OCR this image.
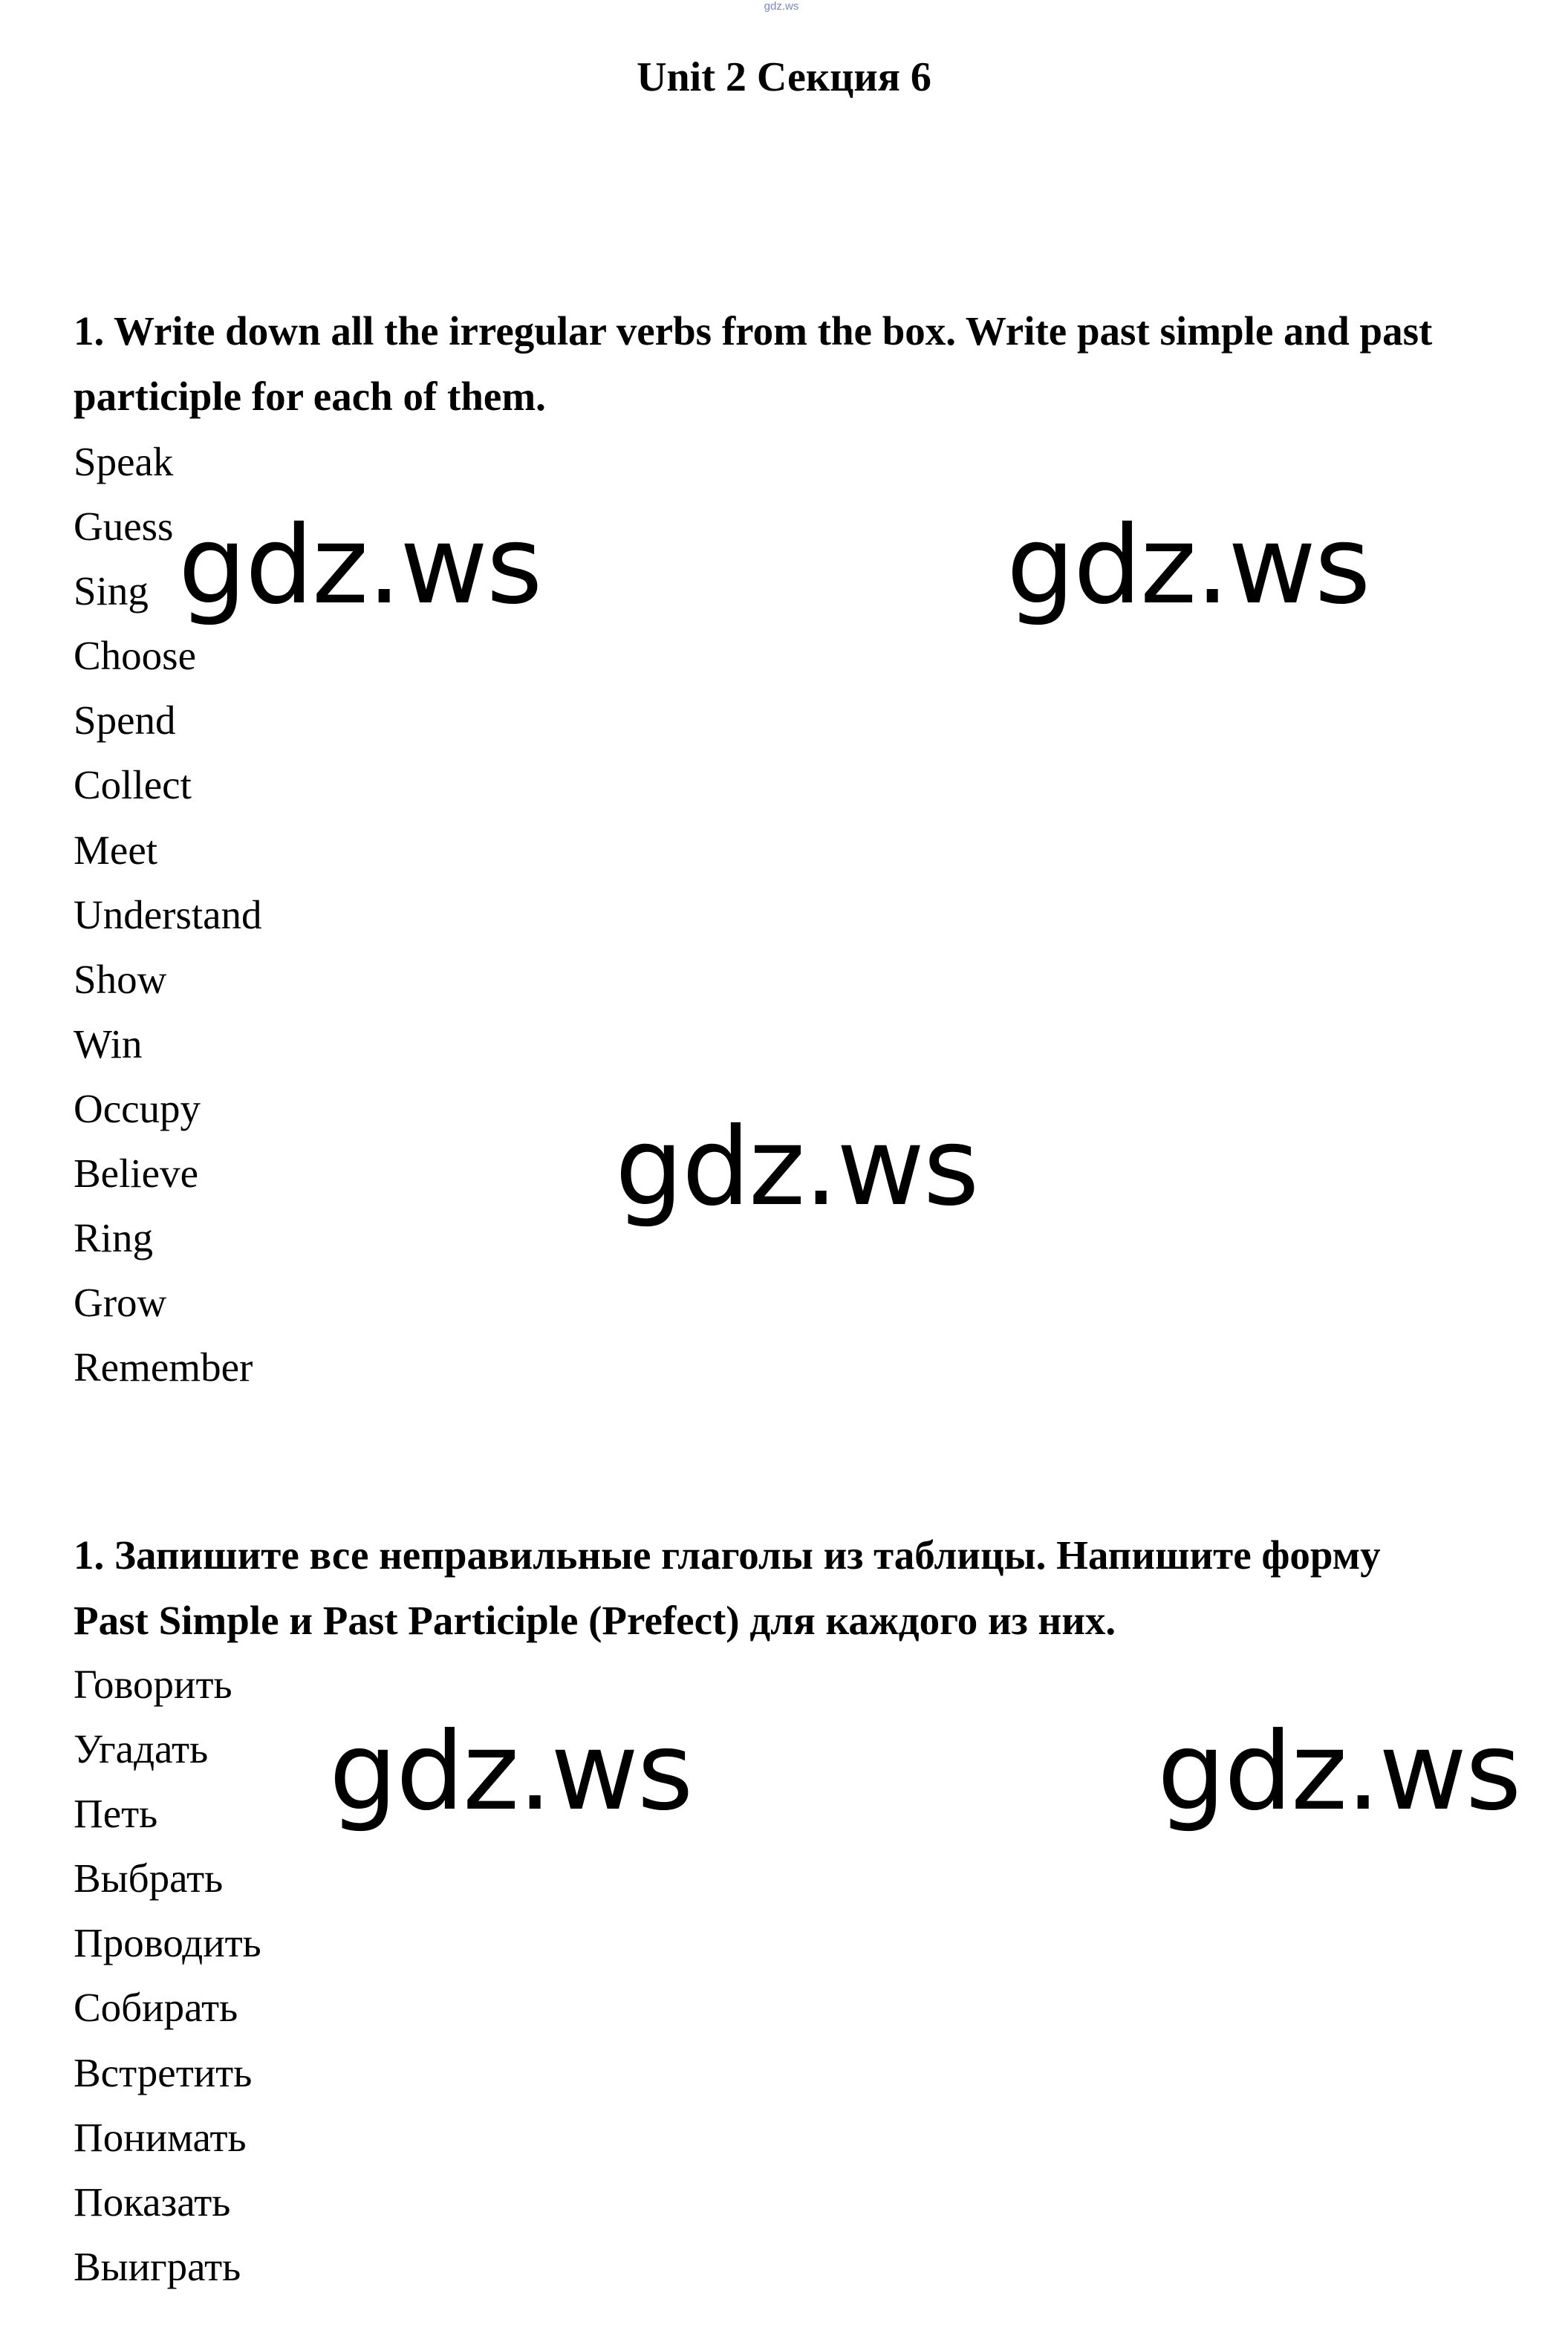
gdz.ws
Unit 2 Секция 6

1. Write down all the irregular verbs from the box. Write past simple and past
participle for each of them.

Speak
Guess
Sing
Choose
Spend
Collect
Meet
Understand
Show
Win
Occupy
Believe
Ring
Grow
Remember

1. Запишите все неправильные глаголы из таблицы. Напишите форму
Past Simple и Past Participle (Prefect) для каждого из них.

Говорить
Угадать
Петь
Выбрать
Проводить
Собирать
Встретить
Понимать
Показать
Выиграть
gdz.ws	gdz.ws
gdz.ws
gdz.ws	gdz.ws
